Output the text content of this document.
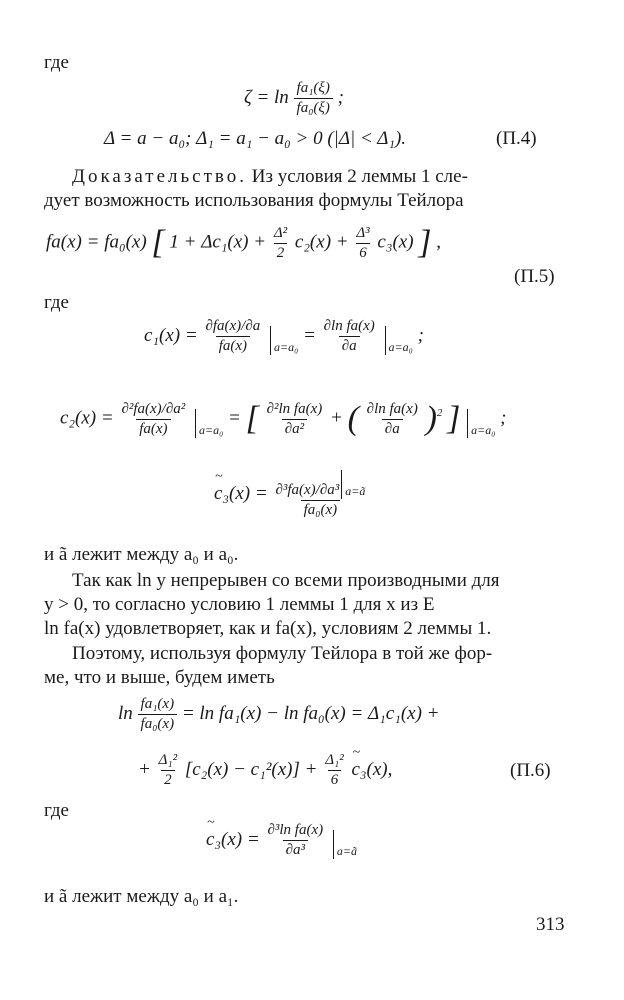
где
$\zeta = \ln \frac{\text{fa₁(ξ)}}{\text{fa₀(ξ)}}$ ;
Δ = a − a₀; Δ₁ = a₁ − a₀ > 0 (|Δ| < Δ₁).	(П.4)
Доказательство. Из условия 2 леммы 1 сле-
дует возможность использования формулы Тейлора
fa(x) = fa₀(x) [ $1 + \Delta c_1(x) + \frac{\text{Δ²}}{2} c_2(x) + \frac{\text{Δ³}}{6} c_3(x)$ ] ,
(П.5)
где
$c_1(x) = \frac{\partial fa(x)/\partial a}{fa(x)} a=a_0 = \frac{\text{∂ln fa(x)}}{\partial a} a=a_0$ ;
$c_2(x) = \frac{\text{∂²fa(x)/∂a²}}{fa(x)} a=a_0$ = [ $\frac{\text{∂²ln fa(x)}}{\text{∂a²}}$ + ( $\frac{\text{∂ln fa(x)}}{\partial a} )^2$ ] a=a₀ ;
~ $c_3(x) = \frac{\text{∂³fa(x)/∂a³ a=ã}}{\text{fa₀(x)}}$
и ã лежит между a₀ и a₀.
Так как ln y непрерывен со всеми производными для
y > 0, то согласно условию 1 леммы 1 для x из E
ln fa(x) удовлетворяет, как и fa(x), условиям 2 леммы 1.
Поэтому, используя формулу Тейлора в той же фор-
ме, что и выше, будем иметь
$\ln \frac{\text{fa₁(x)}}{\text{fa₀(x)}} = \ln fa_1(x) - \ln fa_0(x) = \Delta_1c_1(x)$ +
+ $\frac{\text{Δ₁²}}{2} [c_2(x) - c_1^2(x)] + \frac{\text{Δ₁²}}{6}$
~ c₃(x),	(П.6)
где
~ $c_3(x) = \frac{\text{∂³ln fa(x)}}{\text{∂a³}}$ a=ã
и ã лежит между a₀ и a₁.
313
